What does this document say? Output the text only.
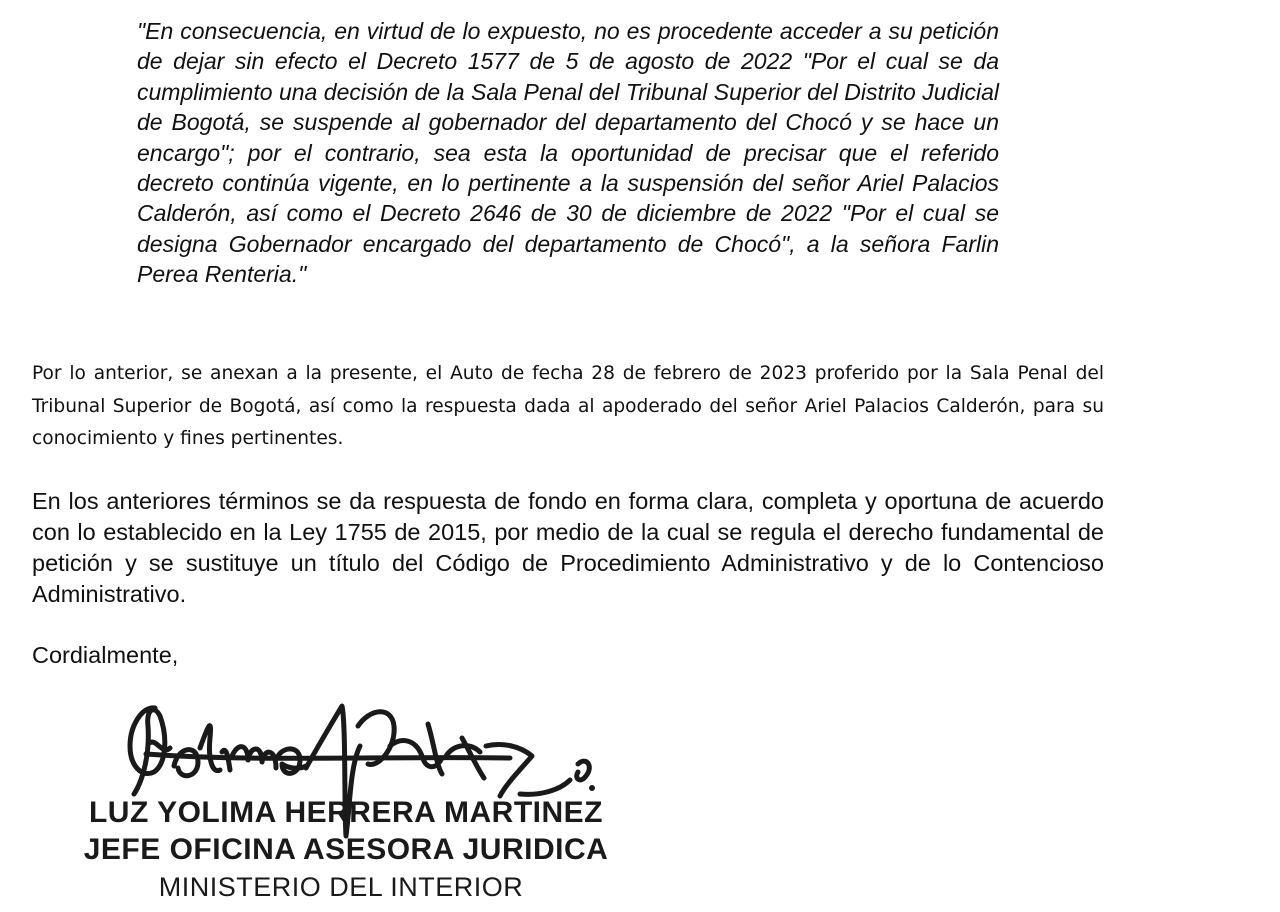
"En consecuencia, en virtud de lo expuesto, no es procedente acceder a su petición de dejar sin efecto el Decreto 1577 de 5 de agosto de 2022 "Por el cual se da cumplimiento una decisión de la Sala Penal del Tribunal Superior del Distrito Judicial de Bogotá, se suspende al gobernador del departamento del Chocó y se hace un encargo"; por el contrario, sea esta la oportunidad de precisar que el referido decreto continúa vigente, en lo pertinente a la suspensión del señor Ariel Palacios Calderón, así como el Decreto 2646 de 30 de diciembre de 2022 "Por el cual se designa Gobernador encargado del departamento de Chocó", a la señora Farlin Perea Renteria."

Por lo anterior, se anexan a la presente, el Auto de fecha 28 de febrero de 2023 proferido por la Sala Penal del Tribunal Superior de Bogotá, así como la respuesta dada al apoderado del señor Ariel Palacios Calderón, para su conocimiento y fines pertinentes.

En los anteriores términos se da respuesta de fondo en forma clara, completa y oportuna de acuerdo con lo establecido en la Ley 1755 de 2015, por medio de la cual se regula el derecho fundamental de petición y se sustituye un título del Código de Procedimiento Administrativo y de lo Contencioso Administrativo.

Cordialmente,

LUZ YOLIMA HERRERA MARTINEZ

JEFE OFICINA ASESORA JURIDICA

MINISTERIO DEL INTERIOR
